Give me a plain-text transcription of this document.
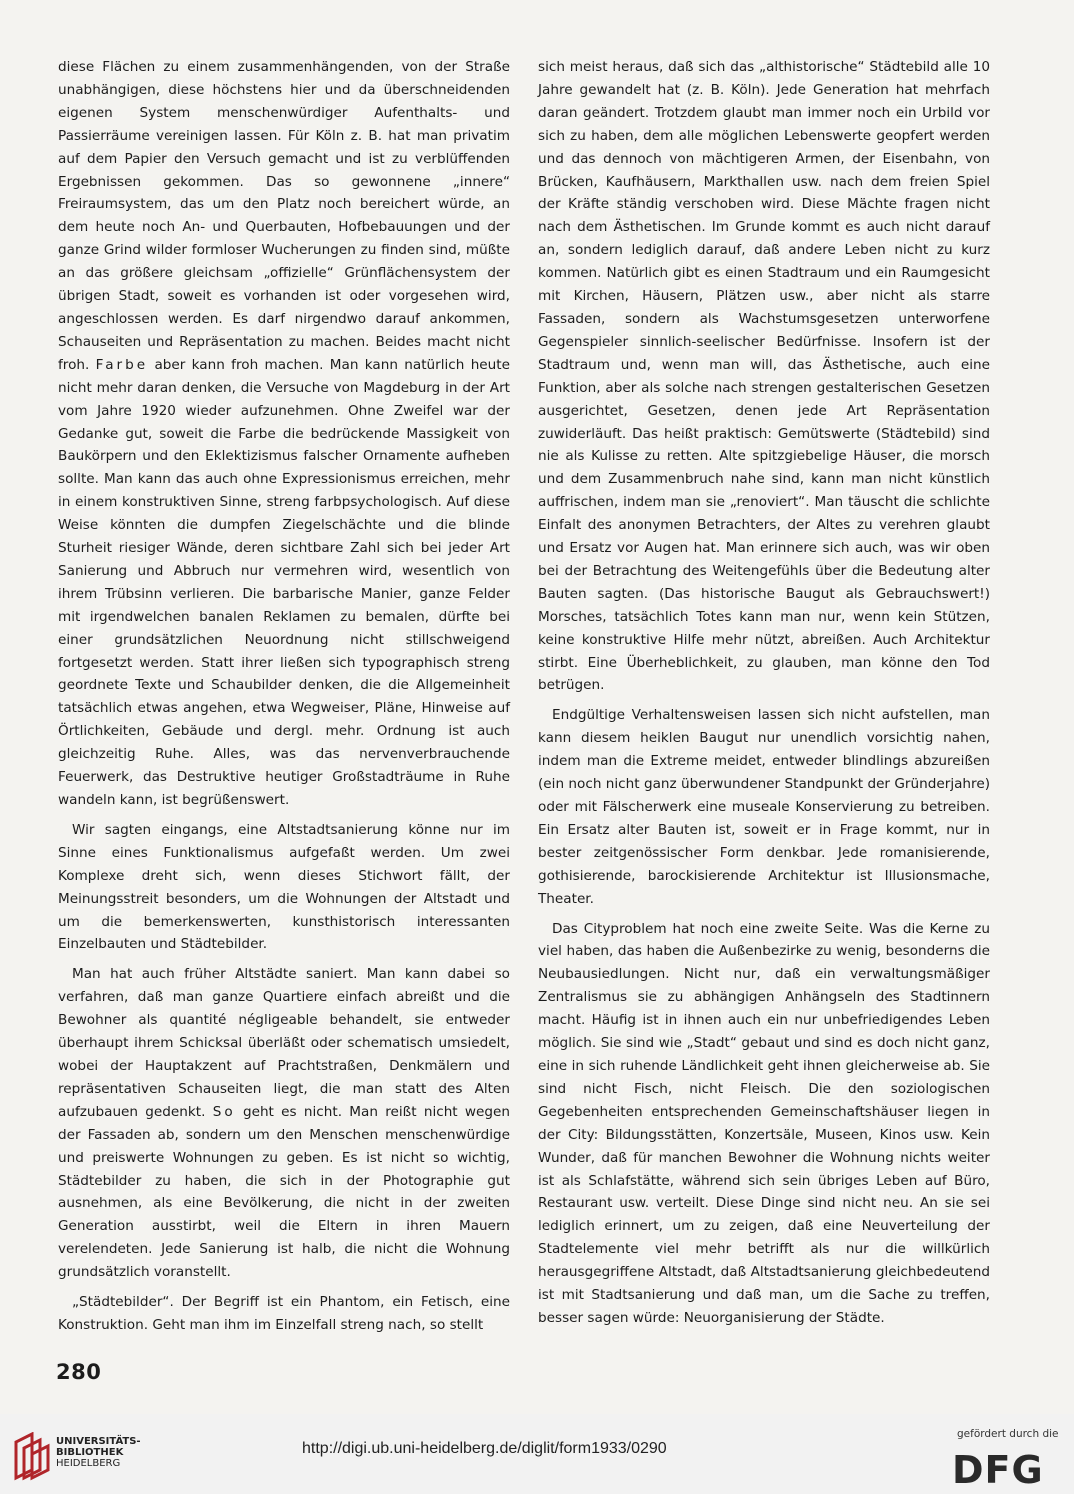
diese Flächen zu einem zusammenhängenden, von der Straße unabhängigen, diese höchstens hier und da überschneidenden eigenen System menschenwürdiger Aufenthalts- und Passierräume vereinigen lassen. Für Köln z. B. hat man privatim auf dem Papier den Versuch gemacht und ist zu verblüffenden Ergebnissen gekommen. Das so gewonnene „innere“ Freiraumsystem, das um den Platz noch bereichert würde, an dem heute noch An- und Querbauten, Hofbebauungen und der ganze Grind wilder formloser Wucherungen zu finden sind, müßte an das größere gleichsam „offizielle“ Grünflächensystem der übrigen Stadt, soweit es vorhanden ist oder vorgesehen wird, angeschlossen werden. Es darf nirgendwo darauf ankommen, Schauseiten und Repräsentation zu machen. Beides macht nicht froh. Farbe aber kann froh machen. Man kann natürlich heute nicht mehr daran denken, die Versuche von Magdeburg in der Art vom Jahre 1920 wieder aufzunehmen. Ohne Zweifel war der Gedanke gut, soweit die Farbe die bedrückende Massigkeit von Baukörpern und den Eklektizismus falscher Ornamente aufheben sollte. Man kann das auch ohne Expressionismus erreichen, mehr in einem konstruktiven Sinne, streng farbpsychologisch. Auf diese Weise könnten die dumpfen Ziegelschächte und die blinde Sturheit riesiger Wände, deren sichtbare Zahl sich bei jeder Art Sanierung und Abbruch nur vermehren wird, wesentlich von ihrem Trübsinn verlieren. Die barbarische Manier, ganze Felder mit irgendwelchen banalen Reklamen zu bemalen, dürfte bei einer grundsätzlichen Neuordnung nicht stillschweigend fortgesetzt werden. Statt ihrer ließen sich typographisch streng geordnete Texte und Schaubilder denken, die die Allgemeinheit tatsächlich etwas angehen, etwa Wegweiser, Pläne, Hinweise auf Örtlichkeiten, Gebäude und dergl. mehr. Ordnung ist auch gleichzeitig Ruhe. Alles, was das nervenverbrauchende Feuerwerk, das Destruktive heutiger Großstadträume in Ruhe wandeln kann, ist begrüßenswert.

Wir sagten eingangs, eine Altstadtsanierung könne nur im Sinne eines Funktionalismus aufgefaßt werden. Um zwei Komplexe dreht sich, wenn dieses Stichwort fällt, der Meinungsstreit besonders, um die Wohnungen der Altstadt und um die bemerkenswerten, kunsthistorisch interessanten Einzelbauten und Städtebilder.

Man hat auch früher Altstädte saniert. Man kann dabei so verfahren, daß man ganze Quartiere einfach abreißt und die Bewohner als quantité négligeable behandelt, sie entweder überhaupt ihrem Schicksal überläßt oder schematisch umsiedelt, wobei der Hauptakzent auf Prachtstraßen, Denkmälern und repräsentativen Schauseiten liegt, die man statt des Alten aufzubauen gedenkt. So geht es nicht. Man reißt nicht wegen der Fassaden ab, sondern um den Menschen menschenwürdige und preiswerte Wohnungen zu geben. Es ist nicht so wichtig, Städtebilder zu haben, die sich in der Photographie gut ausnehmen, als eine Bevölkerung, die nicht in der zweiten Generation ausstirbt, weil die Eltern in ihren Mauern verelendeten. Jede Sanierung ist halb, die nicht die Wohnung grundsätzlich voranstellt.

„Städtebilder“. Der Begriff ist ein Phantom, ein Fetisch, eine Konstruktion. Geht man ihm im Einzelfall streng nach, so stellt

sich meist heraus, daß sich das „althistorische“ Städtebild alle 10 Jahre gewandelt hat (z. B. Köln). Jede Generation hat mehrfach daran geändert. Trotzdem glaubt man immer noch ein Urbild vor sich zu haben, dem alle möglichen Lebenswerte geopfert werden und das dennoch von mächtigeren Armen, der Eisenbahn, von Brücken, Kaufhäusern, Markthallen usw. nach dem freien Spiel der Kräfte ständig verschoben wird. Diese Mächte fragen nicht nach dem Ästhetischen. Im Grunde kommt es auch nicht darauf an, sondern lediglich darauf, daß andere Leben nicht zu kurz kommen. Natürlich gibt es einen Stadtraum und ein Raumgesicht mit Kirchen, Häusern, Plätzen usw., aber nicht als starre Fassaden, sondern als Wachstumsgesetzen unterworfene Gegenspieler sinnlich-seelischer Bedürfnisse. Insofern ist der Stadtraum und, wenn man will, das Ästhetische, auch eine Funktion, aber als solche nach strengen gestalterischen Gesetzen ausgerichtet, Gesetzen, denen jede Art Repräsentation zuwiderläuft. Das heißt praktisch: Gemütswerte (Städtebild) sind nie als Kulisse zu retten. Alte spitzgiebelige Häuser, die morsch und dem Zusammenbruch nahe sind, kann man nicht künstlich auffrischen, indem man sie „renoviert“. Man täuscht die schlichte Einfalt des anonymen Betrachters, der Altes zu verehren glaubt und Ersatz vor Augen hat. Man erinnere sich auch, was wir oben bei der Betrachtung des Weitengefühls über die Bedeutung alter Bauten sagten. (Das historische Baugut als Gebrauchswert!) Morsches, tatsächlich Totes kann man nur, wenn kein Stützen, keine konstruktive Hilfe mehr nützt, abreißen. Auch Architektur stirbt. Eine Überheblichkeit, zu glauben, man könne den Tod betrügen.

Endgültige Verhaltensweisen lassen sich nicht aufstellen, man kann diesem heiklen Baugut nur unendlich vorsichtig nahen, indem man die Extreme meidet, entweder blindlings abzureißen (ein noch nicht ganz überwundener Standpunkt der Gründerjahre) oder mit Fälscherwerk eine museale Konservierung zu betreiben. Ein Ersatz alter Bauten ist, soweit er in Frage kommt, nur in bester zeitgenössischer Form denkbar. Jede romanisierende, gothisierende, barockisierende Architektur ist Illusionsmache, Theater.

Das Cityproblem hat noch eine zweite Seite. Was die Kerne zu viel haben, das haben die Außenbezirke zu wenig, besonderns die Neubausiedlungen. Nicht nur, daß ein verwaltungsmäßiger Zentralismus sie zu abhängigen Anhängseln des Stadtinnern macht. Häufig ist in ihnen auch ein nur unbefriedigendes Leben möglich. Sie sind wie „Stadt“ gebaut und sind es doch nicht ganz, eine in sich ruhende Ländlichkeit geht ihnen gleicherweise ab. Sie sind nicht Fisch, nicht Fleisch. Die den soziologischen Gegebenheiten entsprechenden Gemeinschaftshäuser liegen in der City: Bildungsstätten, Konzertsäle, Museen, Kinos usw. Kein Wunder, daß für manchen Bewohner die Wohnung nichts weiter ist als Schlafstätte, während sich sein übriges Leben auf Büro, Restaurant usw. verteilt. Diese Dinge sind nicht neu. An sie sei lediglich erinnert, um zu zeigen, daß eine Neuverteilung der Stadtelemente viel mehr betrifft als nur die willkürlich herausgegriffene Altstadt, daß Altstadtsanierung gleichbedeutend ist mit Stadtsanierung und daß man, um die Sache zu treffen, besser sagen würde: Neuorganisierung der Städte.

280
UNIVERSITÄTS-
BIBLIOTHEK
HEIDELBERG
http://digi.ub.uni-heidelberg.de/diglit/form1933/0290
gefördert durch die
DFG
